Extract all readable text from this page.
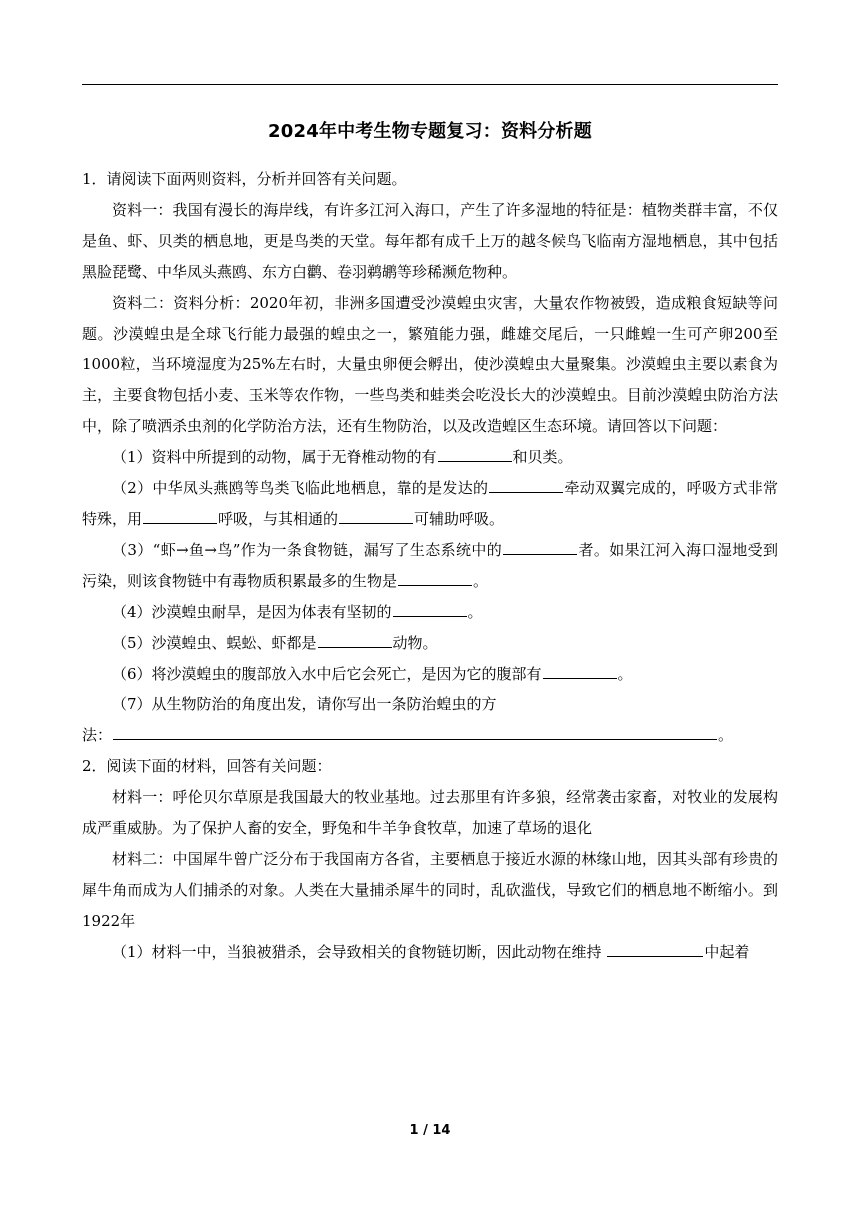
2024年中考生物专题复习：资料分析题

1．请阅读下面两则资料，分析并回答有关问题。

资料一：我国有漫长的海岸线，有许多江河入海口，产生了许多湿地的特征是：植物类群丰富，不仅是鱼、虾、贝类的栖息地，更是鸟类的天堂。每年都有成千上万的越冬候鸟飞临南方湿地栖息，其中包括黑脸琵鹭、中华凤头燕鸥、东方白鹳、卷羽鹈鹕等珍稀濒危物种。

资料二：资料分析：2020年初，非洲多国遭受沙漠蝗虫灾害，大量农作物被毁，造成粮食短缺等问题。沙漠蝗虫是全球飞行能力最强的蝗虫之一，繁殖能力强，雌雄交尾后，一只雌蝗一生可产卵200至1000粒，当环境湿度为25%左右时，大量虫卵便会孵出，使沙漠蝗虫大量聚集。沙漠蝗虫主要以素食为主，主要食物包括小麦、玉米等农作物，一些鸟类和蛙类会吃没长大的沙漠蝗虫。目前沙漠蝗虫防治方法中，除了喷洒杀虫剂的化学防治方法，还有生物防治，以及改造蝗区生态环境。请回答以下问题：

（1）资料中所提到的动物，属于无脊椎动物的有	和贝类。

（2）中华凤头燕鸥等鸟类飞临此地栖息，靠的是发达的	牵动双翼完成的，呼吸方式非常特殊，用	呼吸，与其相通的	可辅助呼吸。

（3）“虾→鱼→鸟”作为一条食物链，漏写了生态系统中的	者。如果江河入海口湿地受到污染，则该食物链中有毒物质积累最多的生物是	。

（4）沙漠蝗虫耐旱，是因为体表有坚韧的	。

（5）沙漠蝗虫、蜈蚣、虾都是	动物。

（6）将沙漠蝗虫的腹部放入水中后它会死亡，是因为它的腹部有	。

（7）从生物防治的角度出发，请你写出一条防治蝗虫的方

法：	。

2．阅读下面的材料，回答有关问题：

材料一：呼伦贝尔草原是我国最大的牧业基地。过去那里有许多狼，经常袭击家畜，对牧业的发展构成严重威胁。为了保护人畜的安全，野兔和牛羊争食牧草，加速了草场的退化

材料二：中国犀牛曾广泛分布于我国南方各省，主要栖息于接近水源的林缘山地，因其头部有珍贵的犀牛角而成为人们捕杀的对象。人类在大量捕杀犀牛的同时，乱砍滥伐，导致它们的栖息地不断缩小。到1922年

（1）材料一中，当狼被猎杀，会导致相关的食物链切断，因此动物在维持	中起着

1 / 14
